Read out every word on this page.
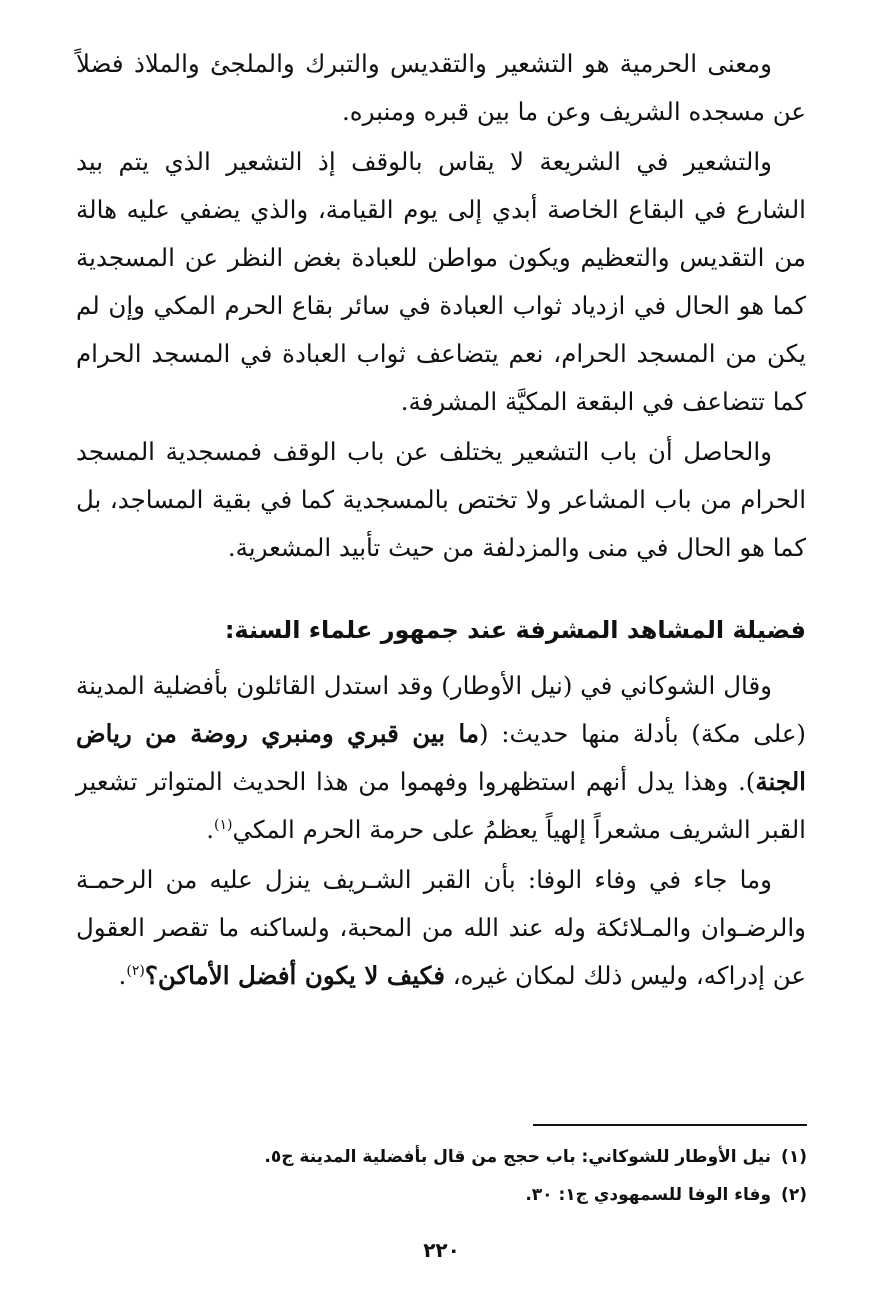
ومعنى الحرمية هو التشعير والتقديس والتبرك والملجئ والملاذ فضلاً عن مسجده الشريف وعن ما بين قبره ومنبره.

والتشعير في الشريعة لا يقاس بالوقف إذ التشعير الذي يتم بيد الشارع في البقاع الخاصة أبدي إلى يوم القيامة، والذي يضفي عليه هالة من التقديس والتعظيم ويكون مواطن للعبادة بغض النظر عن المسجدية كما هو الحال في ازدياد ثواب العبادة في سائر بقاع الحرم المكي وإن لم يكن من المسجد الحرام، نعم يتضاعف ثواب العبادة في المسجد الحرام كما تتضاعف في البقعة المكيَّة المشرفة.

والحاصل أن باب التشعير يختلف عن باب الوقف فمسجدية المسجد الحرام من باب المشاعر ولا تختص بالمسجدية كما في بقية المساجد، بل كما هو الحال في منى والمزدلفة من حيث تأبيد المشعرية.

فضيلة المشاهد المشرفة عند جمهور علماء السنة:

وقال الشوكاني في (نيل الأوطار) وقد استدل القائلون بأفضلية المدينة (على مكة) بأدلة منها حديث: (ما بين قبري ومنبري روضة من رياض الجنة). وهذا يدل أنهم استظهروا وفهموا من هذا الحديث المتواتر تشعير القبر الشريف مشعراً إلهياً يعظمُ على حرمة الحرم المكي$^{(١)}$.

وما جاء في وفاء الوفا: بأن القبر الشـريف ينزل عليه من الرحمـة والرضـوان والمـلائكة وله عند الله من المحبة، ولساكنه ما تقصر العقول عن إدراكه، وليس ذلك لمكان غيره، فكيف لا يكون أفضل الأماكن؟$^{(٢)}$.

(١)نيل الأوطار للشوكاني: باب حجج من قال بأفضلية المدينة ج٥.
(٢)وفاء الوفا للسمهودي ج١: ٣٠.
٢٢٠
